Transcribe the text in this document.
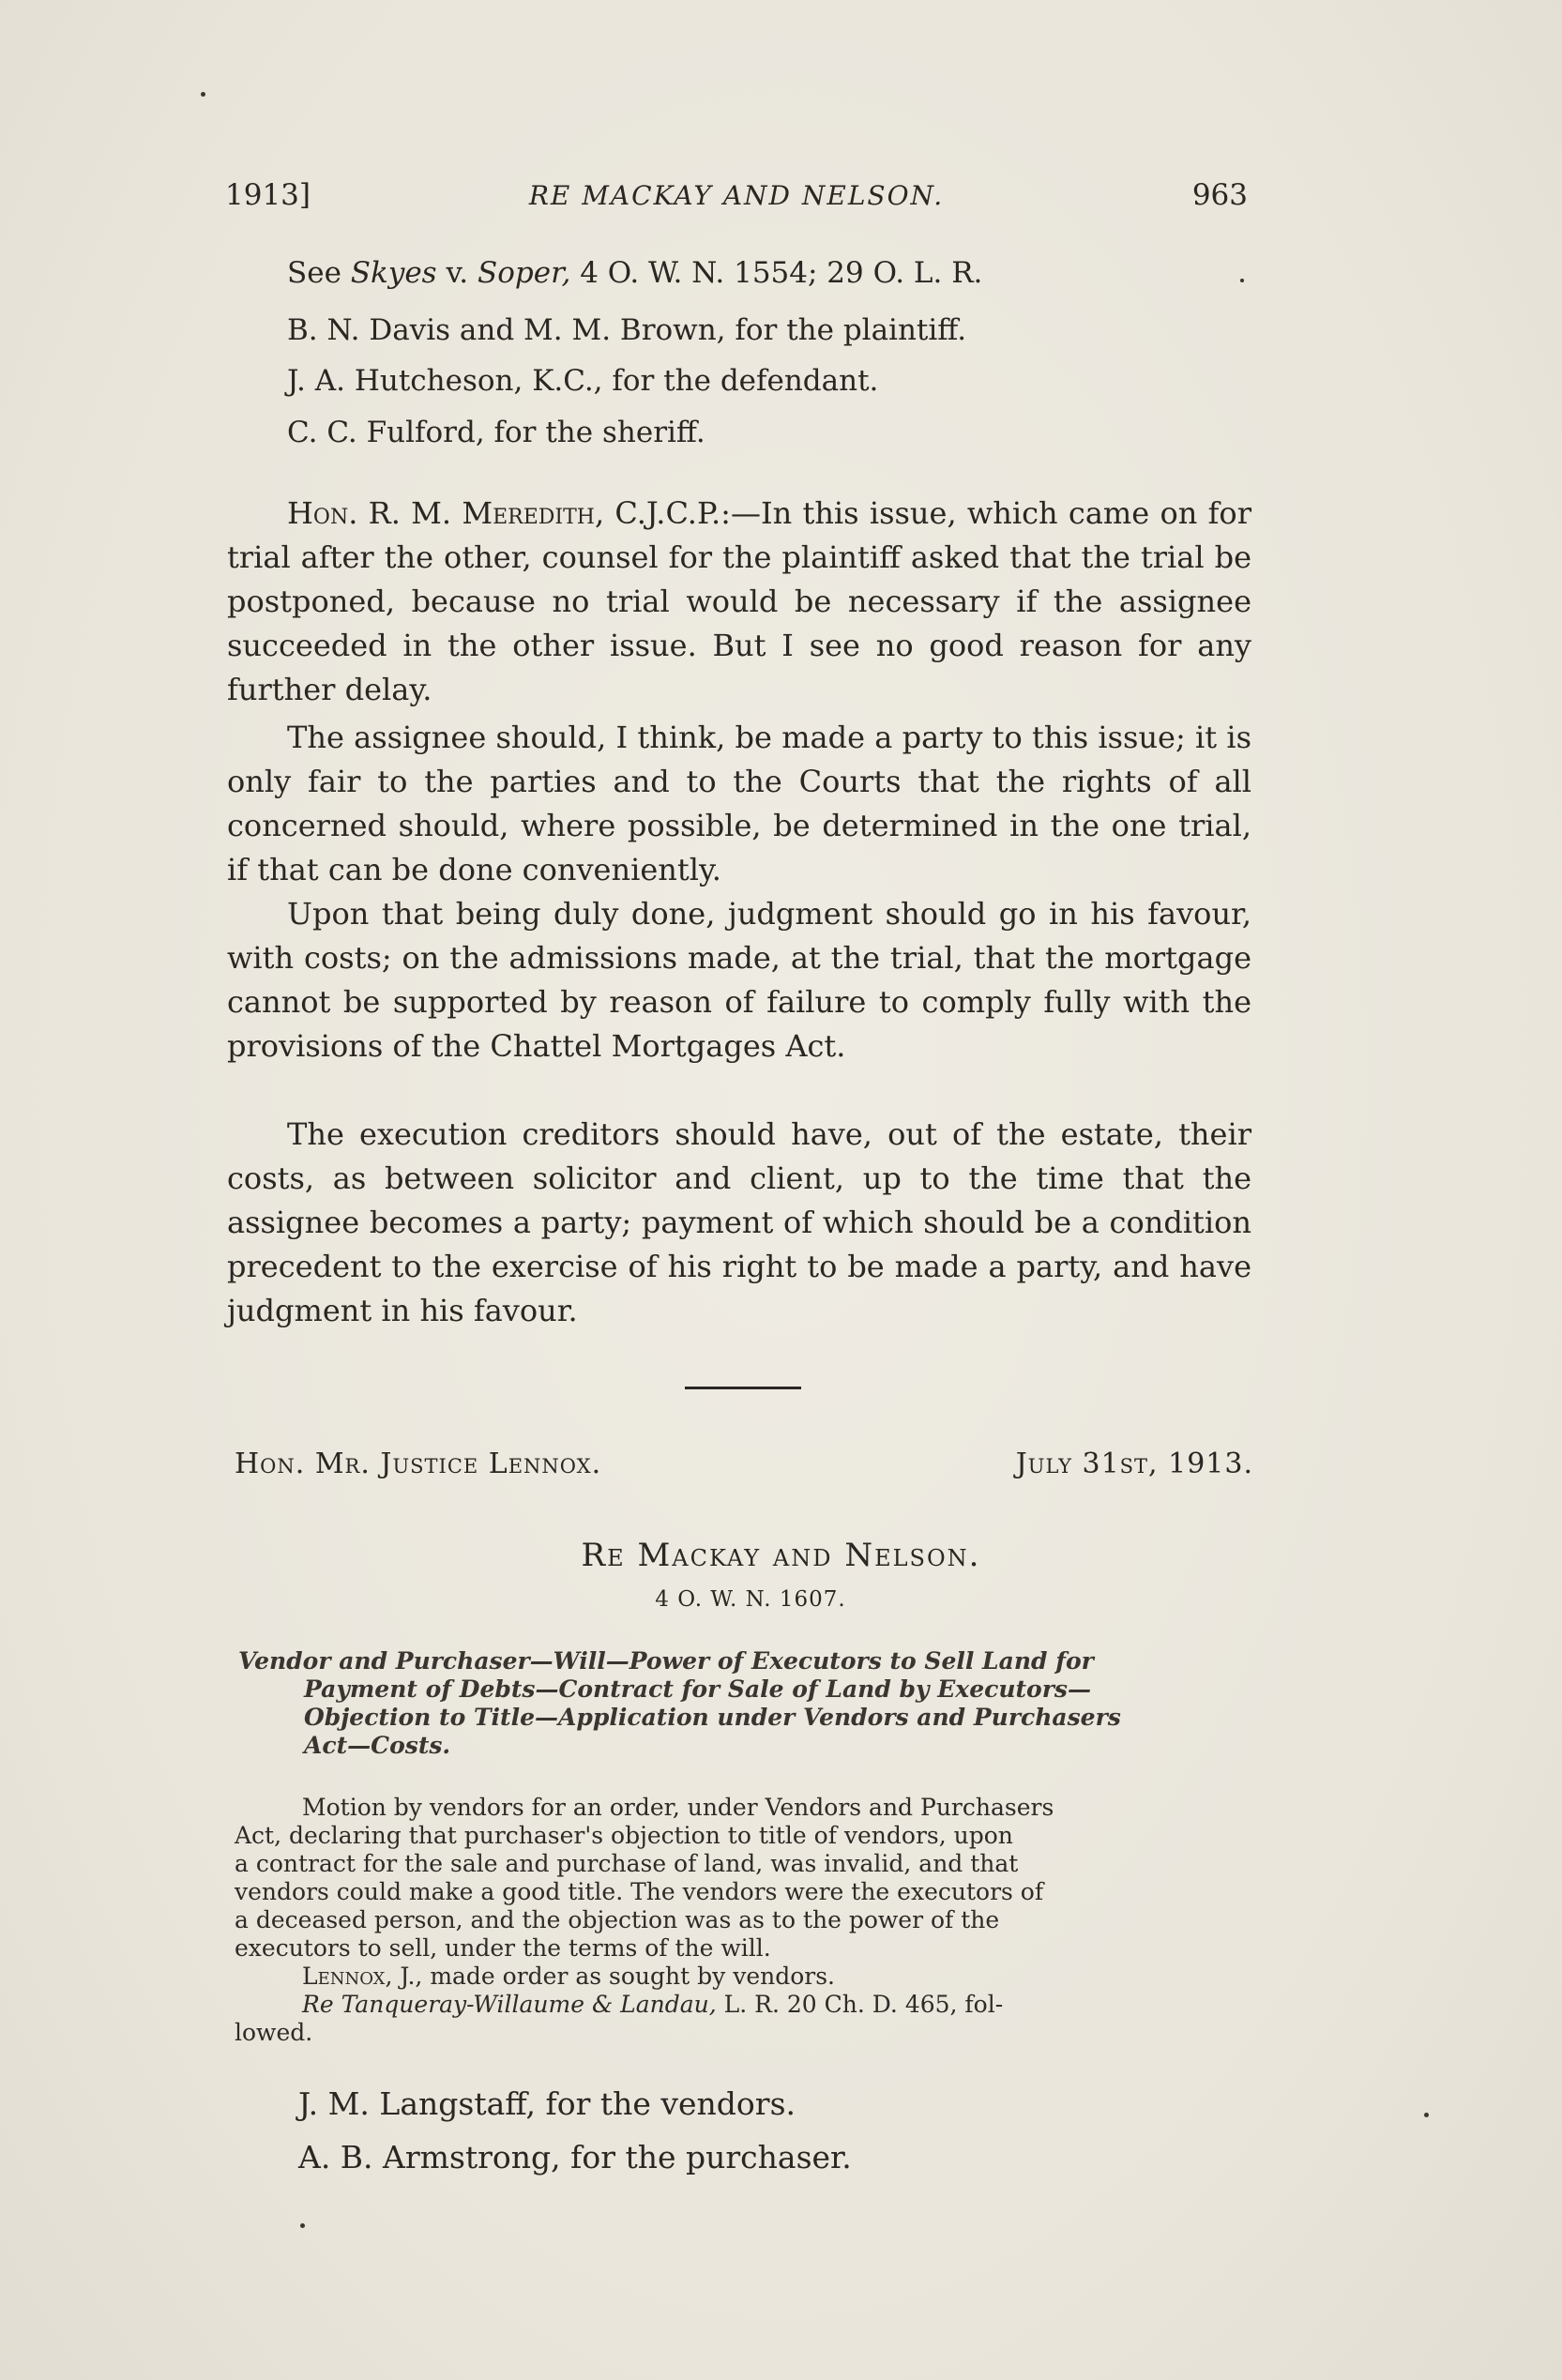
1913]	RE MACKAY AND NELSON.	963
See Skyes v. Soper, 4 O. W. N. 1554; 29 O. L. R.
B. N. Davis and M. M. Brown, for the plaintiff.
J. A. Hutcheson, K.C., for the defendant.
C. C. Fulford, for the sheriff.
Hon. R. M. Meredith, C.J.C.P.:—In this issue, which came on for trial after the other, counsel for the plaintiff asked that the trial be postponed, because no trial would be necessary if the assignee succeeded in the other issue. But I see no good reason for any further delay.
The assignee should, I think, be made a party to this issue; it is only fair to the parties and to the Courts that the rights of all concerned should, where possible, be determined in the one trial, if that can be done conveniently.
Upon that being duly done, judgment should go in his favour, with costs; on the admissions made, at the trial, that the mortgage cannot be supported by reason of failure to comply fully with the provisions of the Chattel Mortgages Act.
The execution creditors should have, out of the estate, their costs, as between solicitor and client, up to the time that the assignee becomes a party; payment of which should be a condition precedent to the exercise of his right to be made a party, and have judgment in his favour.
Hon. Mr. Justice Lennox.	July 31st, 1913.
Re Mackay and Nelson.
4 O. W. N. 1607.
Vendor and Purchaser—Will—Power of Executors to Sell Land for
Payment of Debts—Contract for Sale of Land by Executors—
Objection to Title—Application under Vendors and Purchasers
Act—Costs.
Motion by vendors for an order, under Vendors and Purchasers
Act, declaring that purchaser's objection to title of vendors, upon
a contract for the sale and purchase of land, was invalid, and that
vendors could make a good title. The vendors were the executors of
a deceased person, and the objection was as to the power of the
executors to sell, under the terms of the will.
Lennox, J., made order as sought by vendors.
Re Tanqueray-Willaume & Landau, L. R. 20 Ch. D. 465, fol-
lowed.
J. M. Langstaff, for the vendors.
A. B. Armstrong, for the purchaser.
